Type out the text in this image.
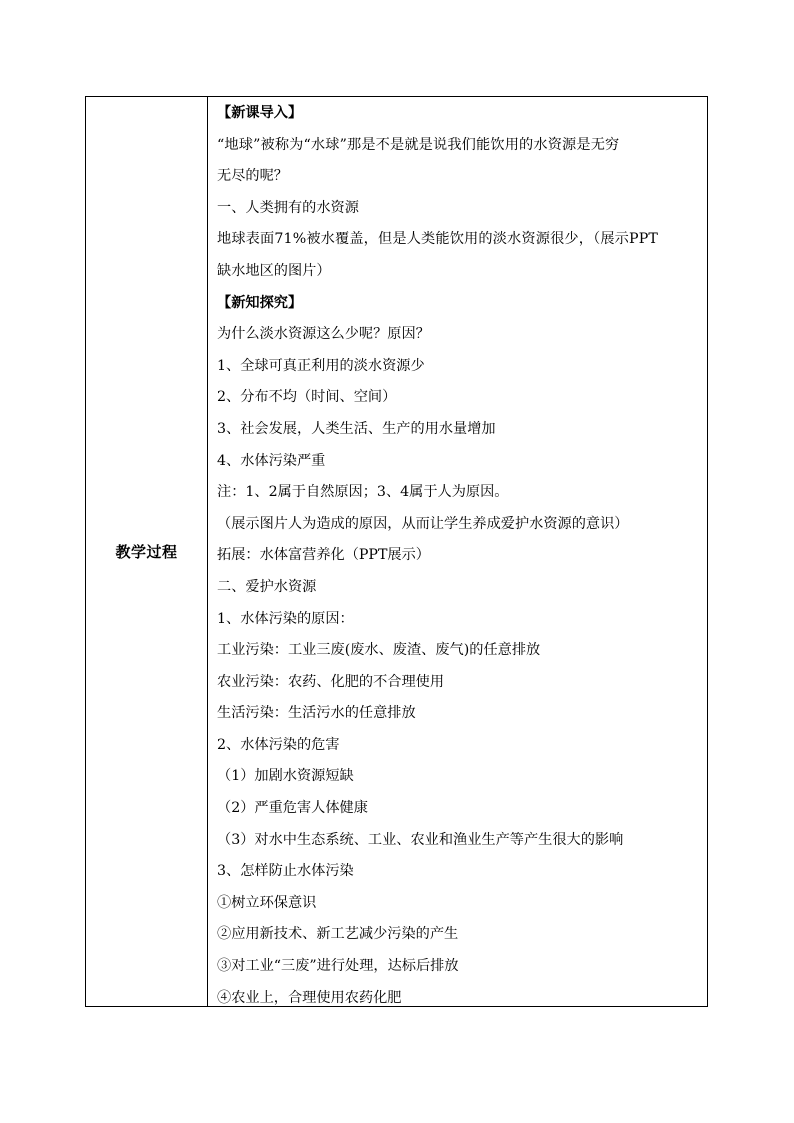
教学过程
【新课导入】
“地球”被称为“水球”那是不是就是说我们能饮用的水资源是无穷
无尽的呢？
一、人类拥有的水资源
地球表面71%被水覆盖，但是人类能饮用的淡水资源很少，（展示PPT
缺水地区的图片）
【新知探究】
为什么淡水资源这么少呢？原因？
1、全球可真正利用的淡水资源少
2、分布不均（时间、空间）
3、社会发展，人类生活、生产的用水量增加
4、水体污染严重
注：1、2属于自然原因；3、4属于人为原因。
（展示图片人为造成的原因，从而让学生养成爱护水资源的意识）
拓展：水体富营养化（PPT展示）
二、爱护水资源
1、水体污染的原因：
工业污染：工业三废(废水、废渣、废气)的任意排放
农业污染：农药、化肥的不合理使用
生活污染：生活污水的任意排放
2、水体污染的危害
（1）加剧水资源短缺
（2）严重危害人体健康
（3）对水中生态系统、工业、农业和渔业生产等产生很大的影响
3、怎样防止水体污染
①树立环保意识
②应用新技术、新工艺减少污染的产生
③对工业“三废”进行处理，达标后排放
④农业上，合理使用农药化肥
